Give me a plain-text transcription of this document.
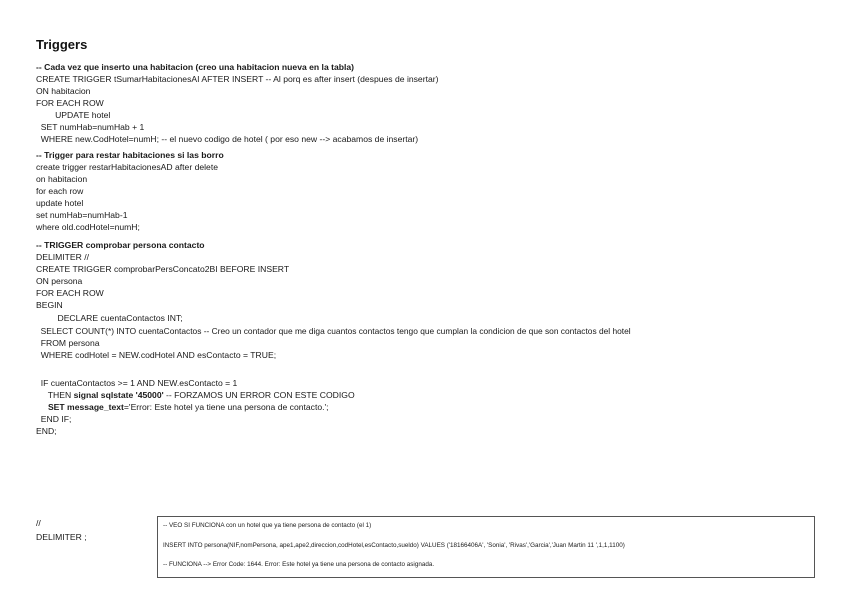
Triggers
-- Cada vez que inserto una habitacion (creo una habitacion nueva en la tabla)
CREATE TRIGGER tSumarHabitacionesAI AFTER INSERT -- Al porq es after insert (despues de insertar)
ON habitacion
FOR EACH ROW
UPDATE hotel
SET numHab=numHab + 1
WHERE new.CodHotel=numH; -- el nuevo codigo de hotel ( por eso new --> acabamos de insertar)
-- Trigger para restar habitaciones si las borro
create trigger restarHabitacionesAD after delete
on habitacion
for each row
update hotel
set numHab=numHab-1
where old.codHotel=numH;
-- TRIGGER comprobar persona contacto
DELIMITER //
CREATE TRIGGER comprobarPersConcato2BI BEFORE INSERT
ON persona
FOR EACH ROW
BEGIN
DECLARE cuentaContactos INT;
SELECT COUNT(*) INTO cuentaContactos -- Creo un contador que me diga cuantos contactos tengo que cumplan la condicion de que son contactos del hotel
FROM persona
WHERE codHotel = NEW.codHotel AND esContacto = TRUE;
IF cuentaContactos >= 1 AND NEW.esContacto = 1
THEN signal sqlstate '45000' -- FORZAMOS UN ERROR CON ESTE CODIGO
SET message_text='Error: Este hotel ya tiene una persona de contacto.';
END IF;
END;
//
DELIMITER ;
-- VEO SI FUNCIONA con un hotel que ya tiene persona de contacto (el 1)
INSERT INTO persona(NIF,nomPersona, ape1,ape2,direccion,codHotel,esContacto,sueldo) VALUES ('18166406A', 'Sonia', 'Rivas','Garcia','Juan Martin 11 ',1,1,1100)
-- FUNCIONA --> Error Code: 1644. Error: Este hotel ya tiene una persona de contacto asignada.
